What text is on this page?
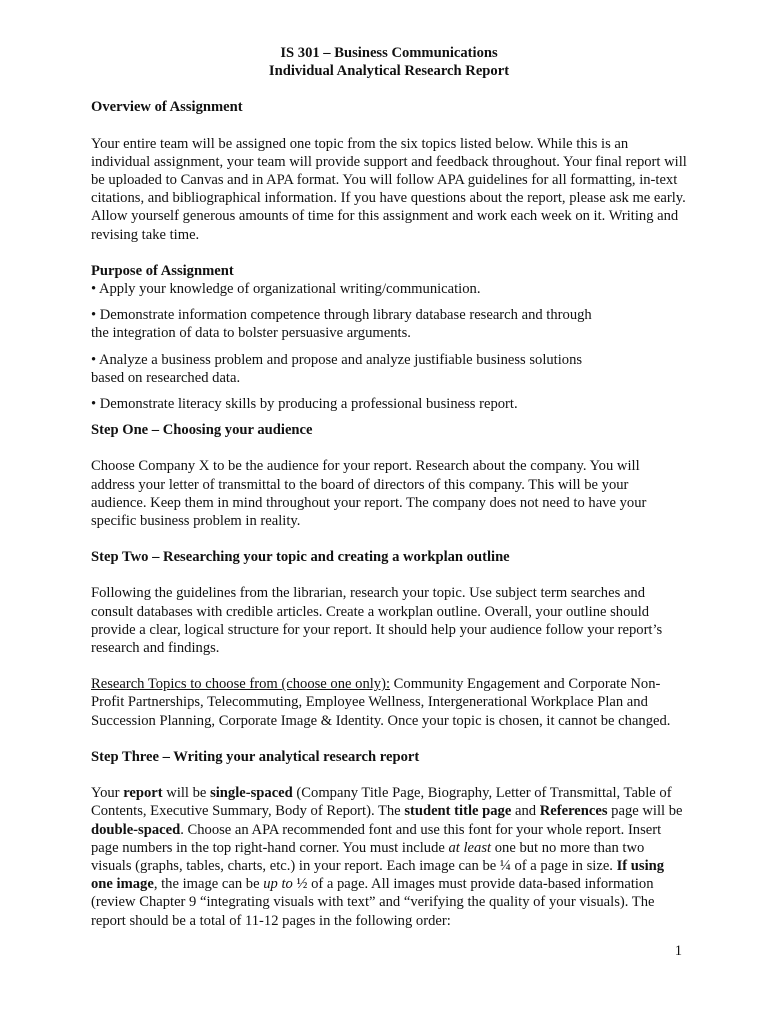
IS 301 – Business Communications
Individual Analytical Research Report
Overview of Assignment

Your entire team will be assigned one topic from the six topics listed below. While this is an individual assignment, your team will provide support and feedback throughout. Your final report will be uploaded to Canvas and in APA format. You will follow APA guidelines for all formatting, in-text citations, and bibliographical information. If you have questions about the report, please ask me early. Allow yourself generous amounts of time for this assignment and work each week on it. Writing and revising take time.

Purpose of Assignment
• Apply your knowledge of organizational writing/communication.
• Demonstrate information competence through library database research and through
the integration of data to bolster persuasive arguments.
• Analyze a business problem and propose and analyze justifiable business solutions
based on researched data.
• Demonstrate literacy skills by producing a professional business report.
Step One – Choosing your audience

Choose Company X to be the audience for your report. Research about the company. You will address your letter of transmittal to the board of directors of this company. This will be your audience. Keep them in mind throughout your report. The company does not need to have your specific business problem in reality.

Step Two – Researching your topic and creating a workplan outline

Following the guidelines from the librarian, research your topic. Use subject term searches and consult databases with credible articles. Create a workplan outline. Overall, your outline should provide a clear, logical structure for your report. It should help your audience follow your report’s research and findings.

Research Topics to choose from (choose one only): Community Engagement and Corporate Non-Profit Partnerships, Telecommuting, Employee Wellness, Intergenerational Workplace Plan and Succession Planning, Corporate Image & Identity. Once your topic is chosen, it cannot be changed.

Step Three – Writing your analytical research report

Your report will be single-spaced (Company Title Page, Biography, Letter of Transmittal, Table of Contents, Executive Summary, Body of Report). The student title page and References page will be double-spaced. Choose an APA recommended font and use this font for your whole report. Insert page numbers in the top right-hand corner. You must include at least one but no more than two visuals (graphs, tables, charts, etc.) in your report. Each image can be ¼ of a page in size. If using one image, the image can be up to ½ of a page. All images must provide data-based information (review Chapter 9 “integrating visuals with text” and “verifying the quality of your visuals). The report should be a total of 11-12 pages in the following order:

1
